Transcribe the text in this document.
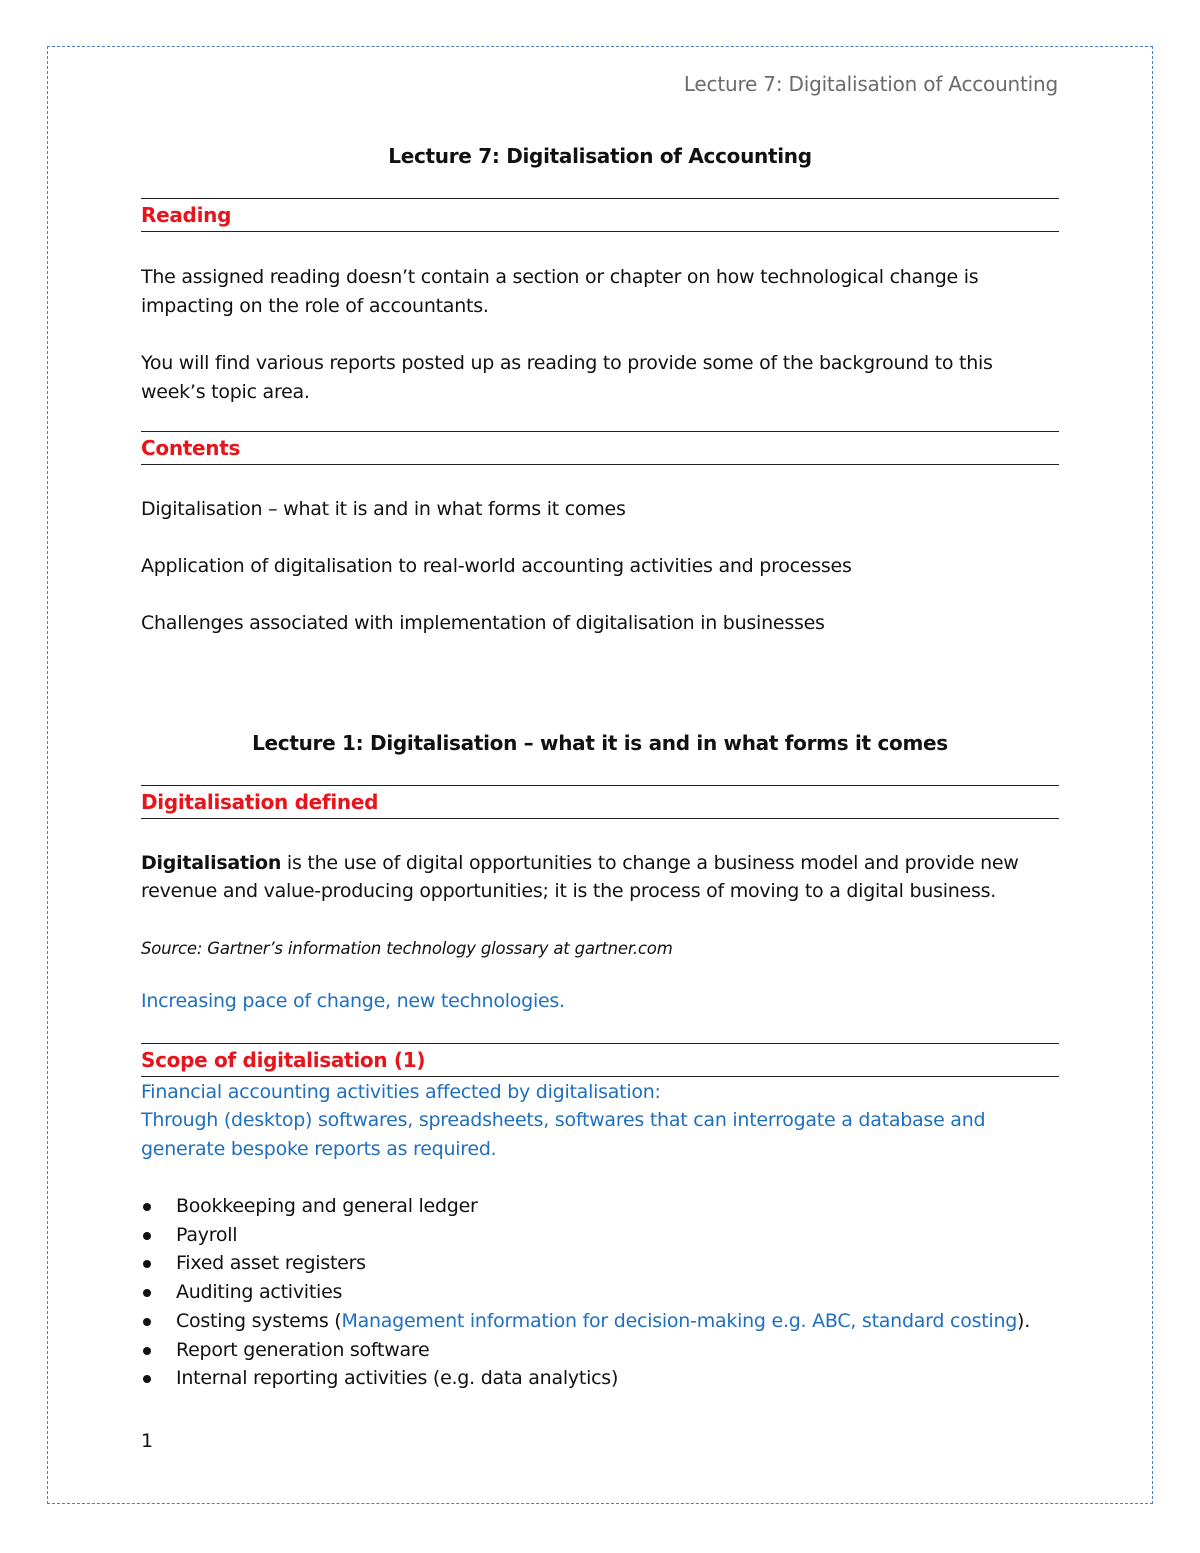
Lecture 7: Digitalisation of Accounting
Lecture 7: Digitalisation of Accounting
Reading

The assigned reading doesn’t contain a section or chapter on how technological change is impacting on the role of accountants.

You will find various reports posted up as reading to provide some of the background to this week’s topic area.

Contents

Digitalisation – what it is and in what forms it comes

Application of digitalisation to real-world accounting activities and processes

Challenges associated with implementation of digitalisation in businesses

Lecture 1: Digitalisation – what it is and in what forms it comes
Digitalisation defined

Digitalisation is the use of digital opportunities to change a business model and provide new revenue and value-producing opportunities; it is the process of moving to a digital business.

Source: Gartner’s information technology glossary at gartner.com

Increasing pace of change, new technologies.

Scope of digitalisation (1)

Financial accounting activities affected by digitalisation:

Through (desktop) softwares, spreadsheets, softwares that can interrogate a database and generate bespoke reports as required.

Bookkeeping and general ledger
Payroll
Fixed asset registers
Auditing activities
Costing systems (Management information for decision-making e.g. ABC, standard costing).
Report generation software
Internal reporting activities (e.g. data analytics)
1
